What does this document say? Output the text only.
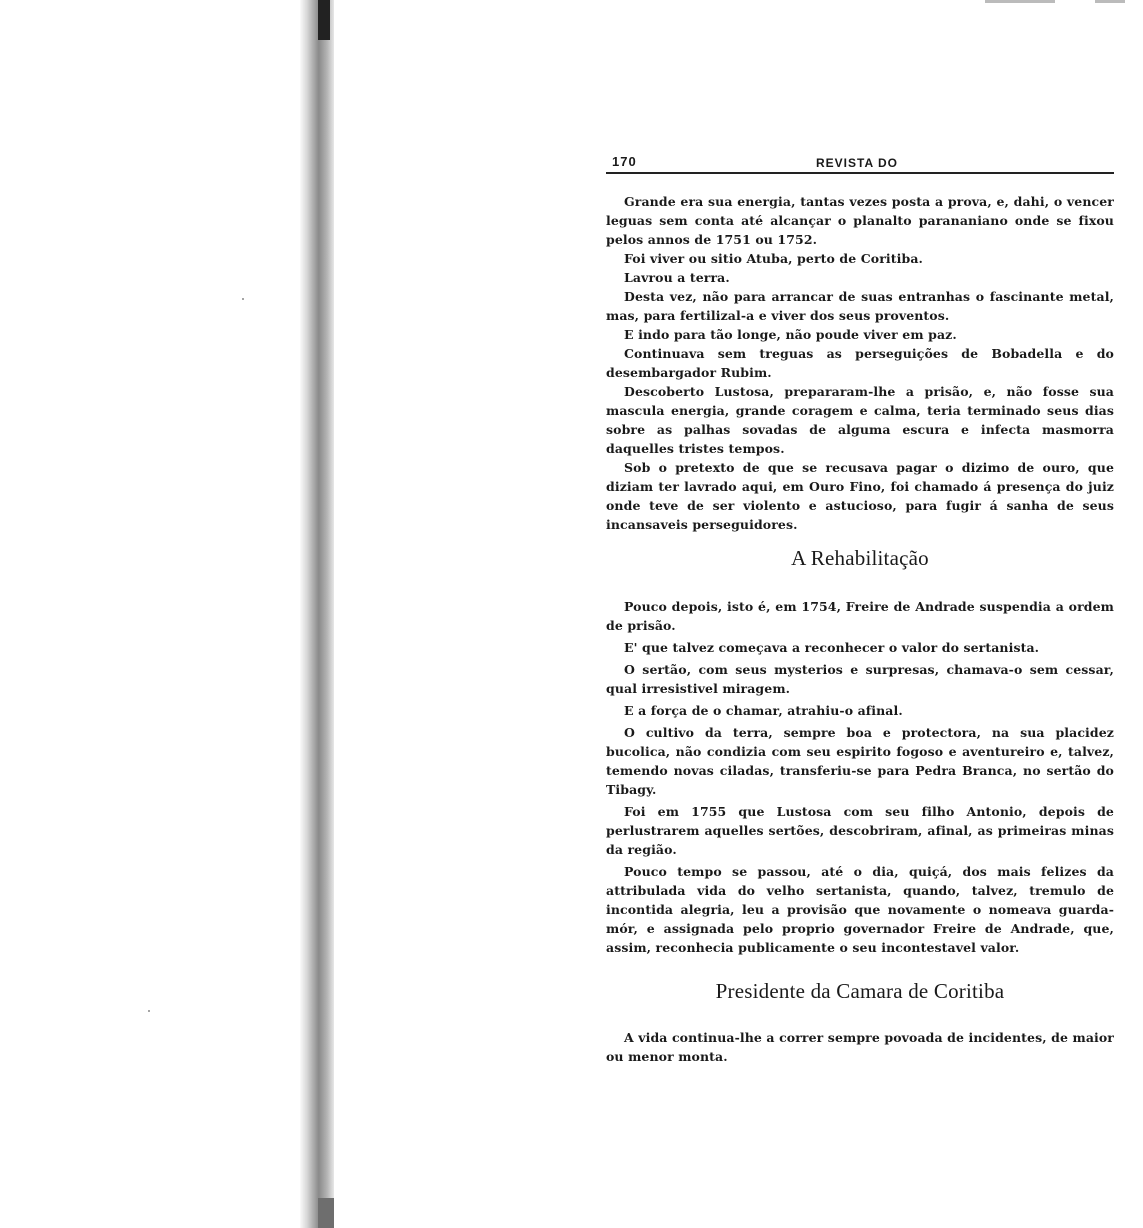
170	REVISTA DO

Grande era sua energia, tantas vezes posta a prova, e, dahi, o vencer leguas sem conta até alcançar o planalto parananiano onde se fixou pelos annos de 1751 ou 1752.

Foi viver ou sitio Atuba, perto de Coritiba.

Lavrou a terra.

Desta vez, não para arrancar de suas entranhas o fascinante metal, mas, para fertilizal-a e viver dos seus proventos.

E indo para tão longe, não poude viver em paz.

Continuava sem treguas as perseguições de Bobadella e do desembargador Rubim.

Descoberto Lustosa, prepararam-lhe a prisão, e, não fosse sua mascula energia, grande coragem e calma, teria terminado seus dias sobre as palhas sovadas de alguma escura e infecta masmorra daquelles tristes tempos.

Sob o pretexto de que se recusava pagar o dizimo de ouro, que diziam ter lavrado aqui, em Ouro Fino, foi chamado á presença do juiz onde teve de ser violento e astucioso, para fugir á sanha de seus incansaveis perseguidores.

A Rehabilitação

Pouco depois, isto é, em 1754, Freire de Andrade suspendia a ordem de prisão.

E' que talvez começava a reconhecer o valor do sertanista.

O sertão, com seus mysterios e surpresas, chamava-o sem cessar, qual irresistivel miragem.

E a força de o chamar, atrahiu-o afinal.

O cultivo da terra, sempre boa e protectora, na sua placidez bucolica, não condizia com seu espirito fogoso e aventureiro e, talvez, temendo novas ciladas, transferiu-se para Pedra Branca, no sertão do Tibagy.

Foi em 1755 que Lustosa com seu filho Antonio, depois de perlustrarem aquelles sertões, descobriram, afinal, as primeiras minas da região.

Pouco tempo se passou, até o dia, quiçá, dos mais felizes da attribulada vida do velho sertanista, quando, talvez, tremulo de incontida alegria, leu a provisão que novamente o nomeava guarda-mór, e assignada pelo proprio governador Freire de Andrade, que, assim, reconhecia publicamente o seu incontestavel valor.

Presidente da Camara de Coritiba

A vida continua-lhe a correr sempre povoada de incidentes, de maior ou menor monta.
